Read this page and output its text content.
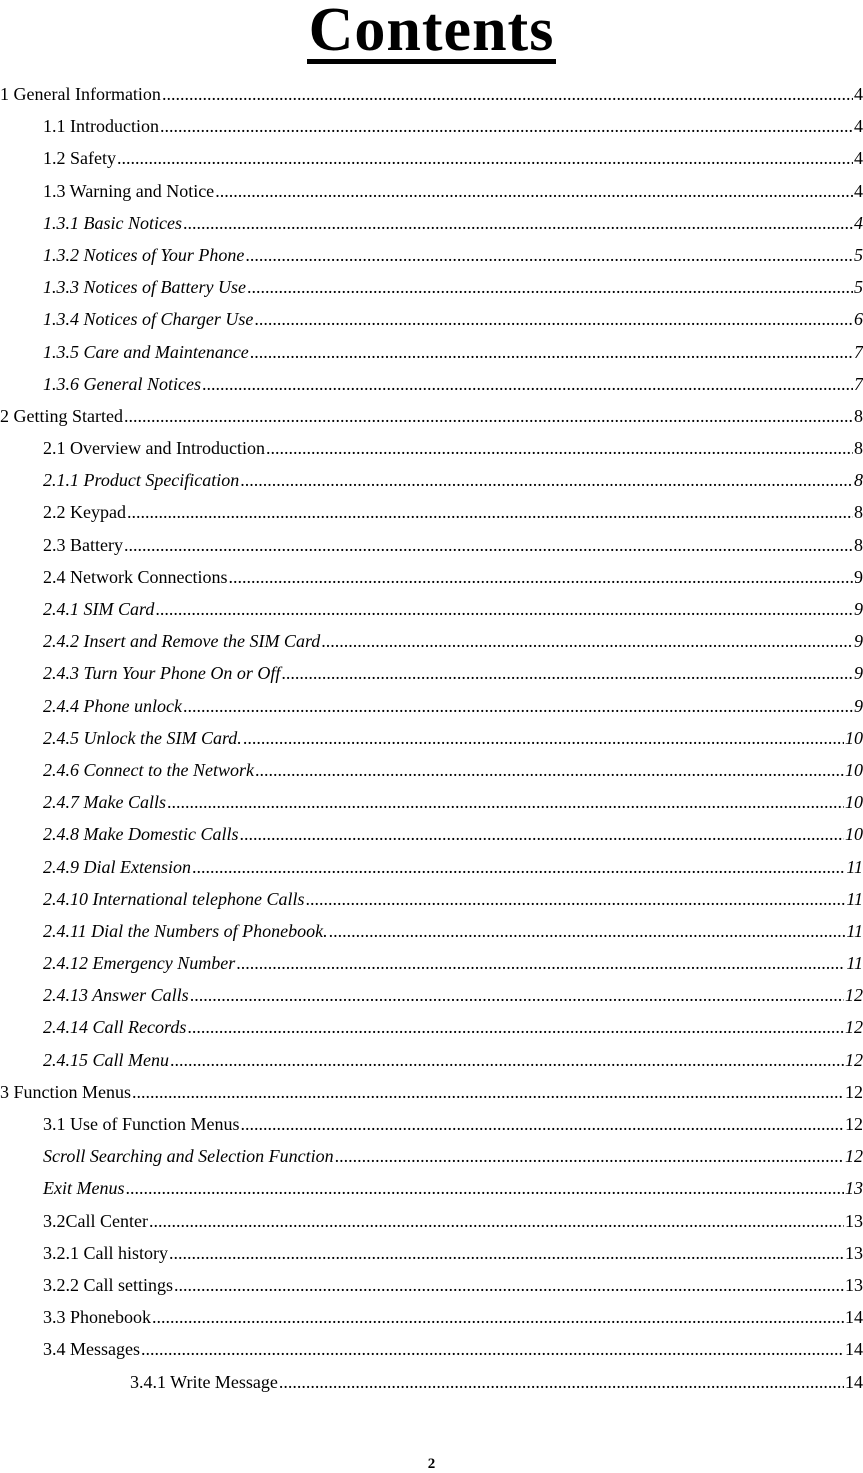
Contents
1 General Information .....	4
1.1 Introduction .....	4
1.2 Safety .....	4
1.3 Warning and Notice .....	4
1.3.1 Basic Notices .....	4
1.3.2 Notices of Your Phone .....	5
1.3.3 Notices of Battery Use .....	5
1.3.4 Notices of Charger Use .....	6
1.3.5 Care and Maintenance .....	7
1.3.6 General Notices .....	7
2 Getting Started .....	8
2.1 Overview and Introduction .....	8
2.1.1 Product Specification .....	8
2.2 Keypad .....	8
2.3 Battery .....	8
2.4 Network Connections .....	9
2.4.1 SIM Card .....	9
2.4.2 Insert and Remove the SIM Card .....	9
2.4.3 Turn Your Phone On or Off .....	9
2.4.4 Phone unlock .....	9
2.4.5 Unlock the SIM Card. .....	10
2.4.6 Connect to the Network .....	10
2.4.7 Make Calls .....	10
2.4.8 Make Domestic Calls .....	10
2.4.9 Dial Extension .....	11
2.4.10 International telephone Calls .....	11
2.4.11 Dial the Numbers of Phonebook. .....	11
2.4.12 Emergency Number .....	11
2.4.13 Answer Calls .....	12
2.4.14 Call Records .....	12
2.4.15 Call Menu .....	12
3 Function Menus .....	12
3.1 Use of Function Menus .....	12
Scroll Searching and Selection Function .....	12
Exit Menus .....	13
3.2Call Center .....	13
3.2.1 Call history .....	13
3.2.2 Call settings .....	13
3.3 Phonebook .....	14
3.4 Messages .....	14
3.4.1 Write Message .....	14
2
